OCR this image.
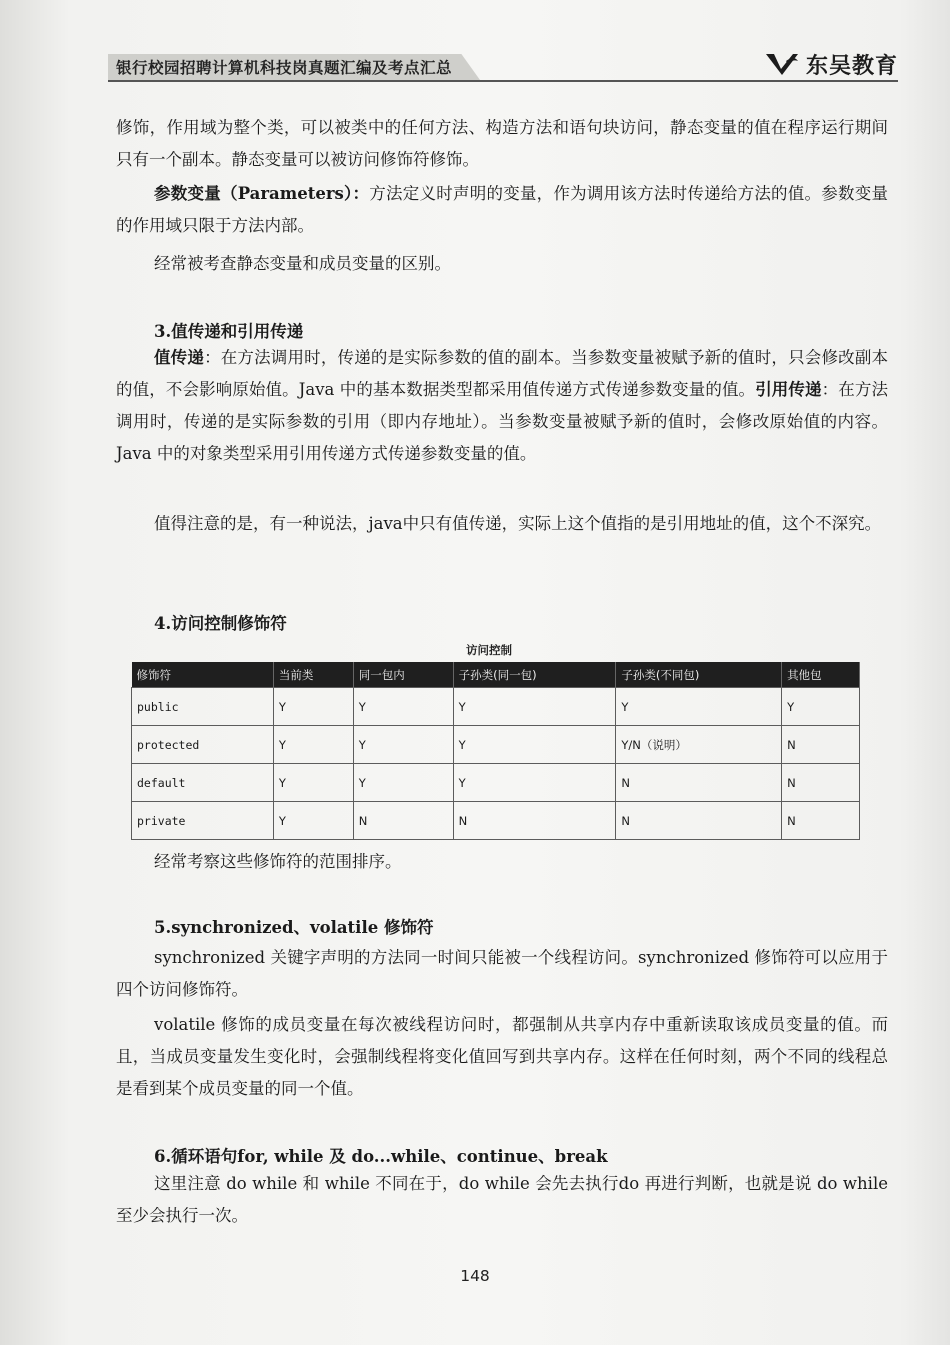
银行校园招聘计算机科技岗真题汇编及考点汇总	东吴教育
修饰，作用域为整个类，可以被类中的任何方法、构造方法和语句块访问，静态变量的值在程序运行期间只有一个副本。静态变量可以被访问修饰符修饰。
参数变量（Parameters）：方法定义时声明的变量，作为调用该方法时传递给方法的值。参数变量的作用域只限于方法内部。
经常被考查静态变量和成员变量的区别。
3.值传递和引用传递
值传递：在方法调用时，传递的是实际参数的值的副本。当参数变量被赋予新的值时，只会修改副本的值，不会影响原始值。Java 中的基本数据类型都采用值传递方式传递参数变量的值。引用传递：在方法调用时，传递的是实际参数的引用（即内存地址）。当参数变量被赋予新的值时，会修改原始值的内容。Java 中的对象类型采用引用传递方式传递参数变量的值。
值得注意的是，有一种说法，java中只有值传递，实际上这个值指的是引用地址的值，这个不深究。
4.访问控制修饰符
访问控制
修饰符	当前类	同一包内	子孙类(同一包)	子孙类(不同包)	其他包
public	Y	Y	Y	Y	Y
protected	Y	Y	Y	Y/N（说明）	N
default	Y	Y	Y	N	N
private	Y	N	N	N	N
经常考察这些修饰符的范围排序。
5.synchronized、volatile 修饰符
synchronized 关键字声明的方法同一时间只能被一个线程访问。synchronized 修饰符可以应用于四个访问修饰符。
volatile 修饰的成员变量在每次被线程访问时，都强制从共享内存中重新读取该成员变量的值。而且，当成员变量发生变化时，会强制线程将变化值回写到共享内存。这样在任何时刻，两个不同的线程总是看到某个成员变量的同一个值。
6.循环语句for, while 及 do...while、continue、break
这里注意 do while 和 while 不同在于，do while 会先去执行do 再进行判断，也就是说 do while 至少会执行一次。
148
